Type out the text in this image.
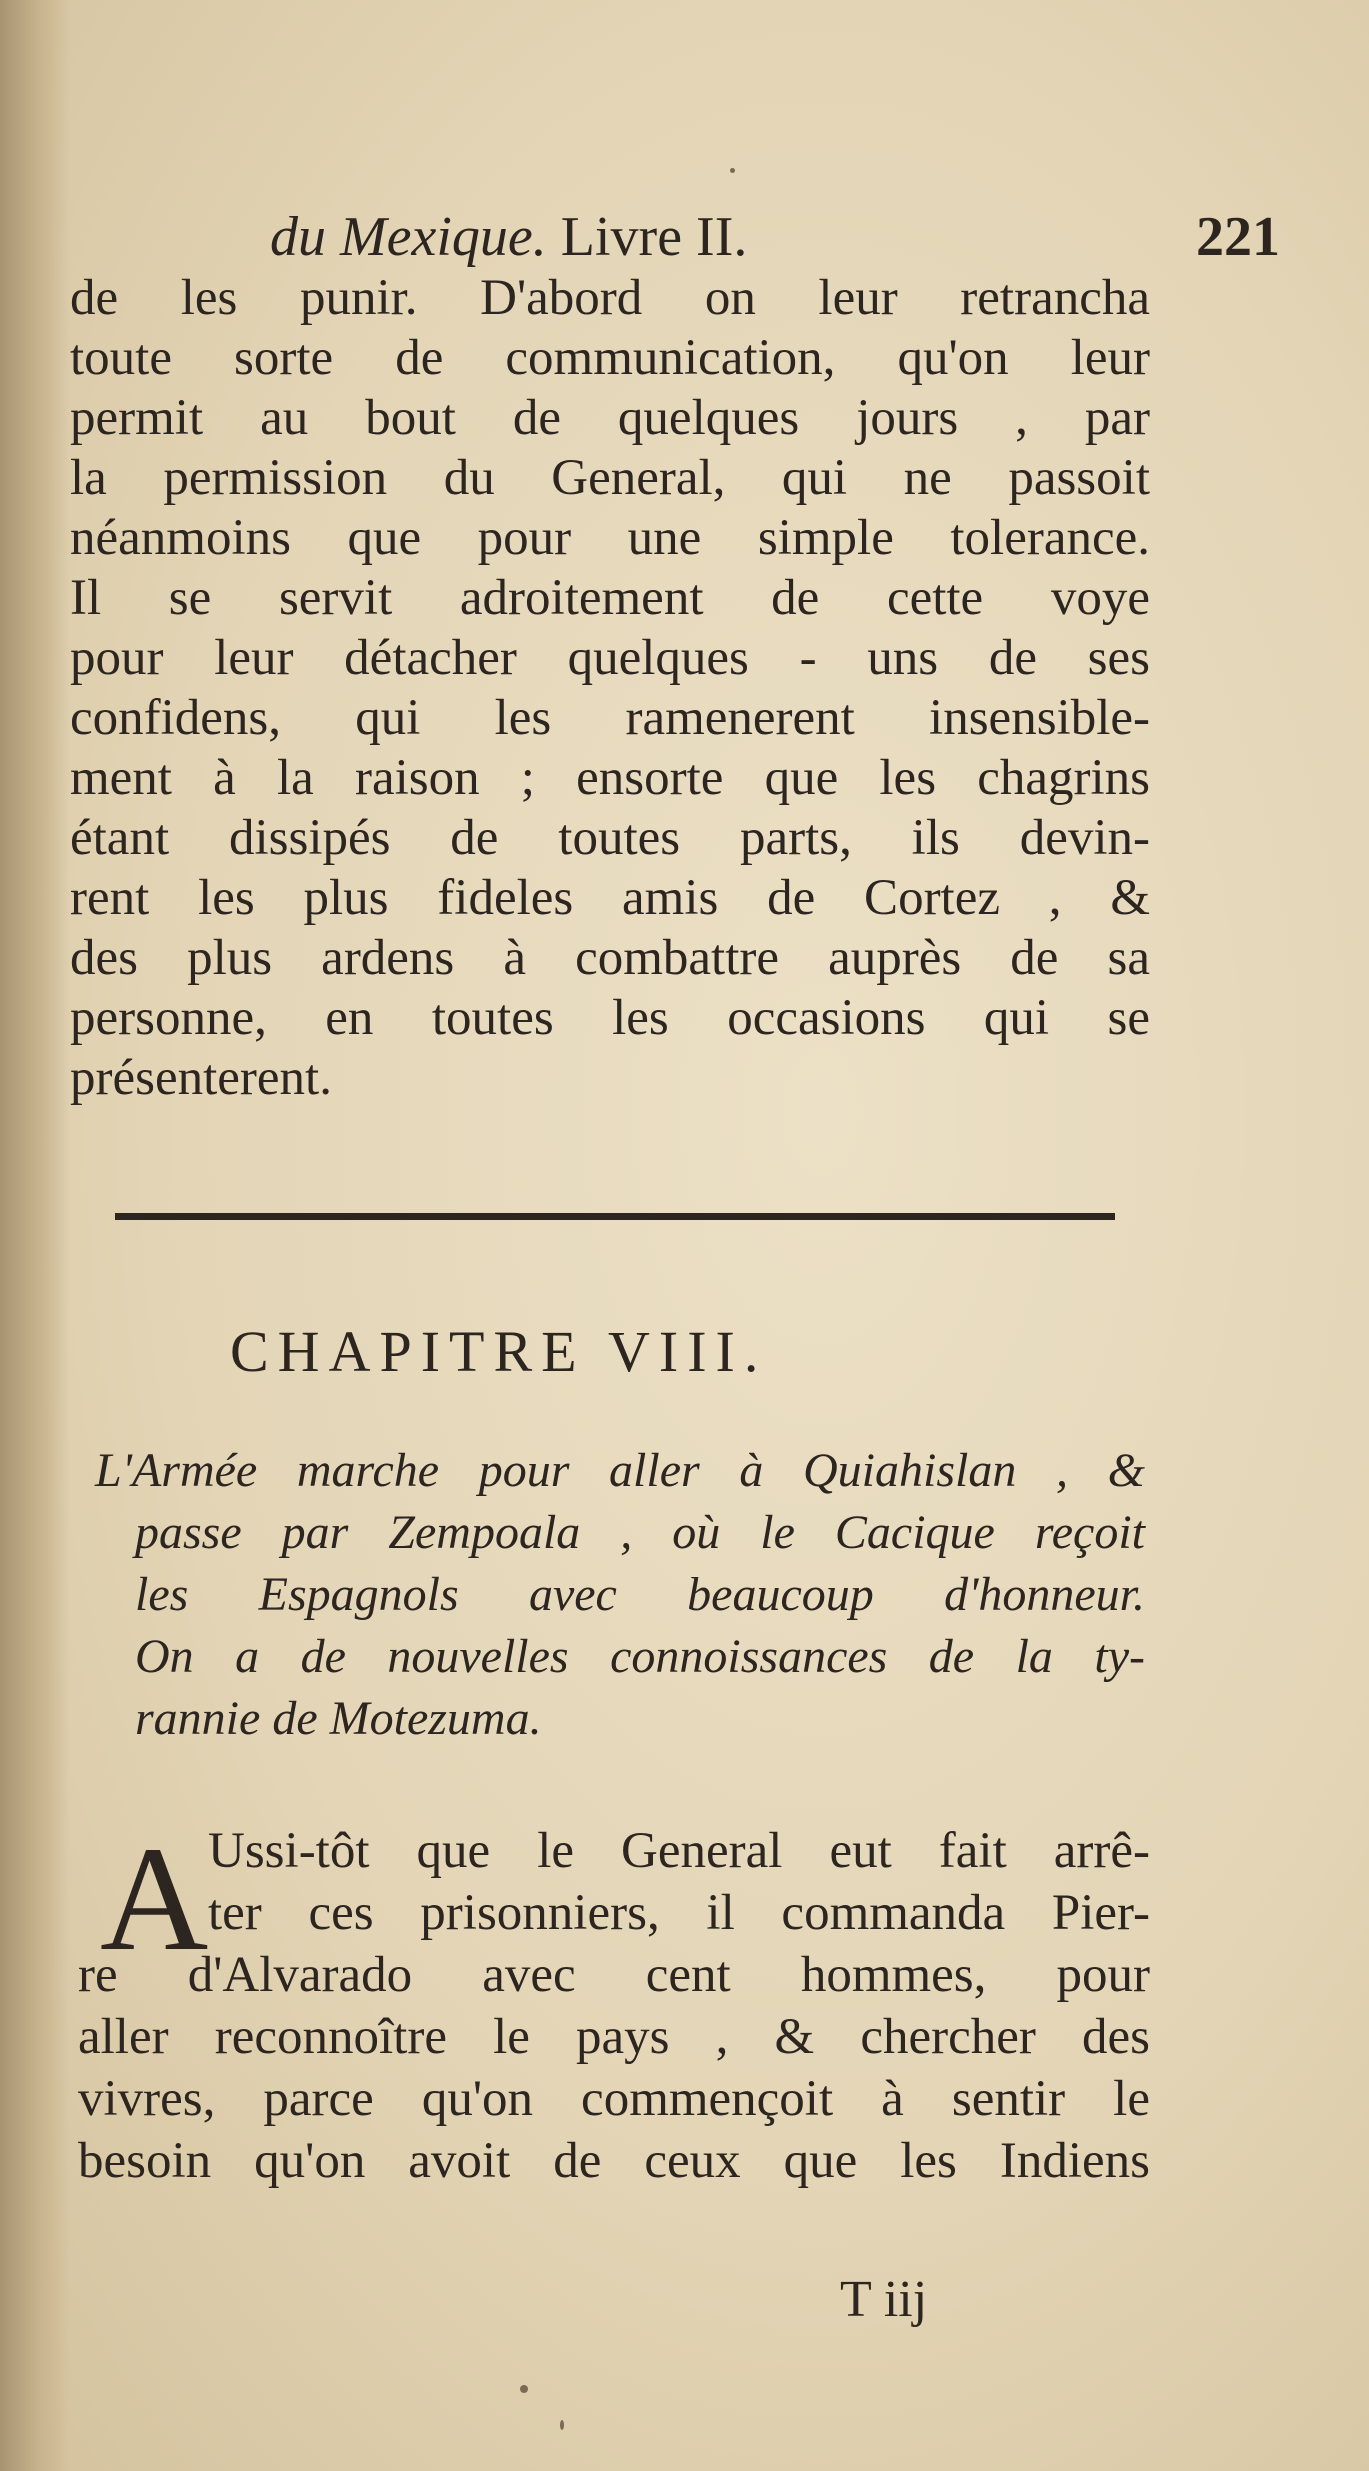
du Mexique. Livre II.	221
de les punir. D'abord on leur retrancha
toute sorte de communication, qu'on leur
permit au bout de quelques jours , par
la permission du General, qui ne passoit
néanmoins que pour une simple tolerance.
Il se servit adroitement de cette voye
pour leur détacher quelques - uns de ses
confidens, qui les ramenerent insensible-
ment à la raison ; ensorte que les chagrins
étant dissipés de toutes parts, ils devin-
rent les plus fideles amis de Cortez , &
des plus ardens à combattre auprès de sa
personne, en toutes les occasions qui se
présenterent.
CHAPITRE VIII.
L'Armée marche pour aller à Quiahislan , &
passe par Zempoala , où le Cacique reçoit
les Espagnols avec beaucoup d'honneur.
On a de nouvelles connoissances de la ty-
rannie de Motezuma.
A Ussi-tôt que le General eut fait arrê-
ter ces prisonniers, il commanda Pier-
re d'Alvarado avec cent hommes, pour
aller reconnoître le pays , & chercher des
vivres, parce qu'on commençoit à sentir le
besoin qu'on avoit de ceux que les Indiens
T iij
